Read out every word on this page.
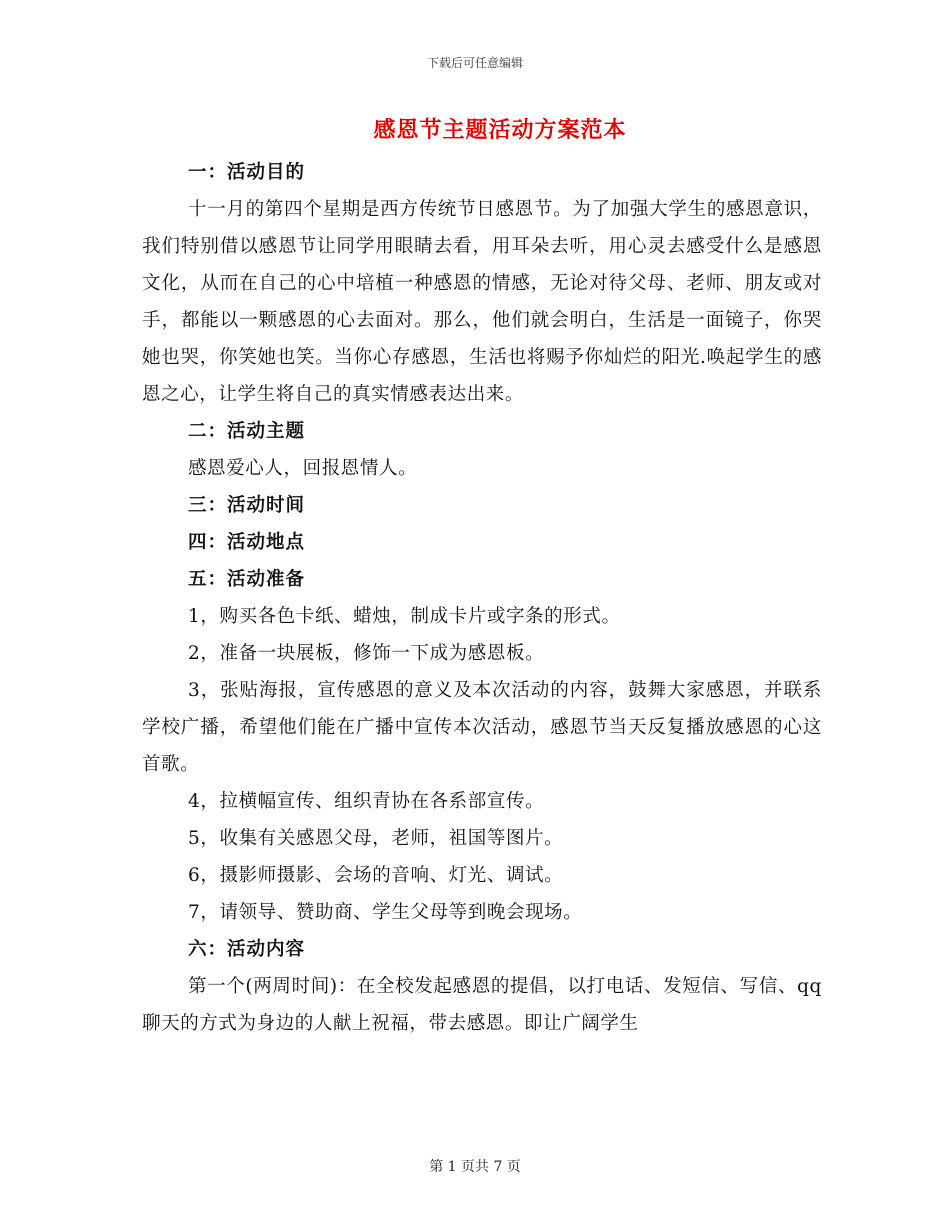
下载后可任意编辑
感恩节主题活动方案范本

一：活动目的

十一月的第四个星期是西方传统节日感恩节。为了加强大学生的感恩意识，我们特别借以感恩节让同学用眼睛去看，用耳朵去听，用心灵去感受什么是感恩文化，从而在自己的心中培植一种感恩的情感，无论对待父母、老师、朋友或对手，都能以一颗感恩的心去面对。那么，他们就会明白，生活是一面镜子，你哭她也哭，你笑她也笑。当你心存感恩，生活也将赐予你灿烂的阳光.唤起学生的感恩之心，让学生将自己的真实情感表达出来。

二：活动主题

感恩爱心人，回报恩情人。

三：活动时间

四：活动地点

五：活动准备

1，购买各色卡纸、蜡烛，制成卡片或字条的形式。

2，准备一块展板，修饰一下成为感恩板。

3，张贴海报，宣传感恩的意义及本次活动的内容，鼓舞大家感恩，并联系学校广播，希望他们能在广播中宣传本次活动，感恩节当天反复播放感恩的心这首歌。

4，拉横幅宣传、组织青协在各系部宣传。

5，收集有关感恩父母，老师，祖国等图片。

6，摄影师摄影、会场的音响、灯光、调试。

7，请领导、赞助商、学生父母等到晚会现场。

六：活动内容

第一个(两周时间)：在全校发起感恩的提倡，以打电话、发短信、写信、qq聊天的方式为身边的人献上祝福，带去感恩。即让广阔学生

第 1 页共 7 页
